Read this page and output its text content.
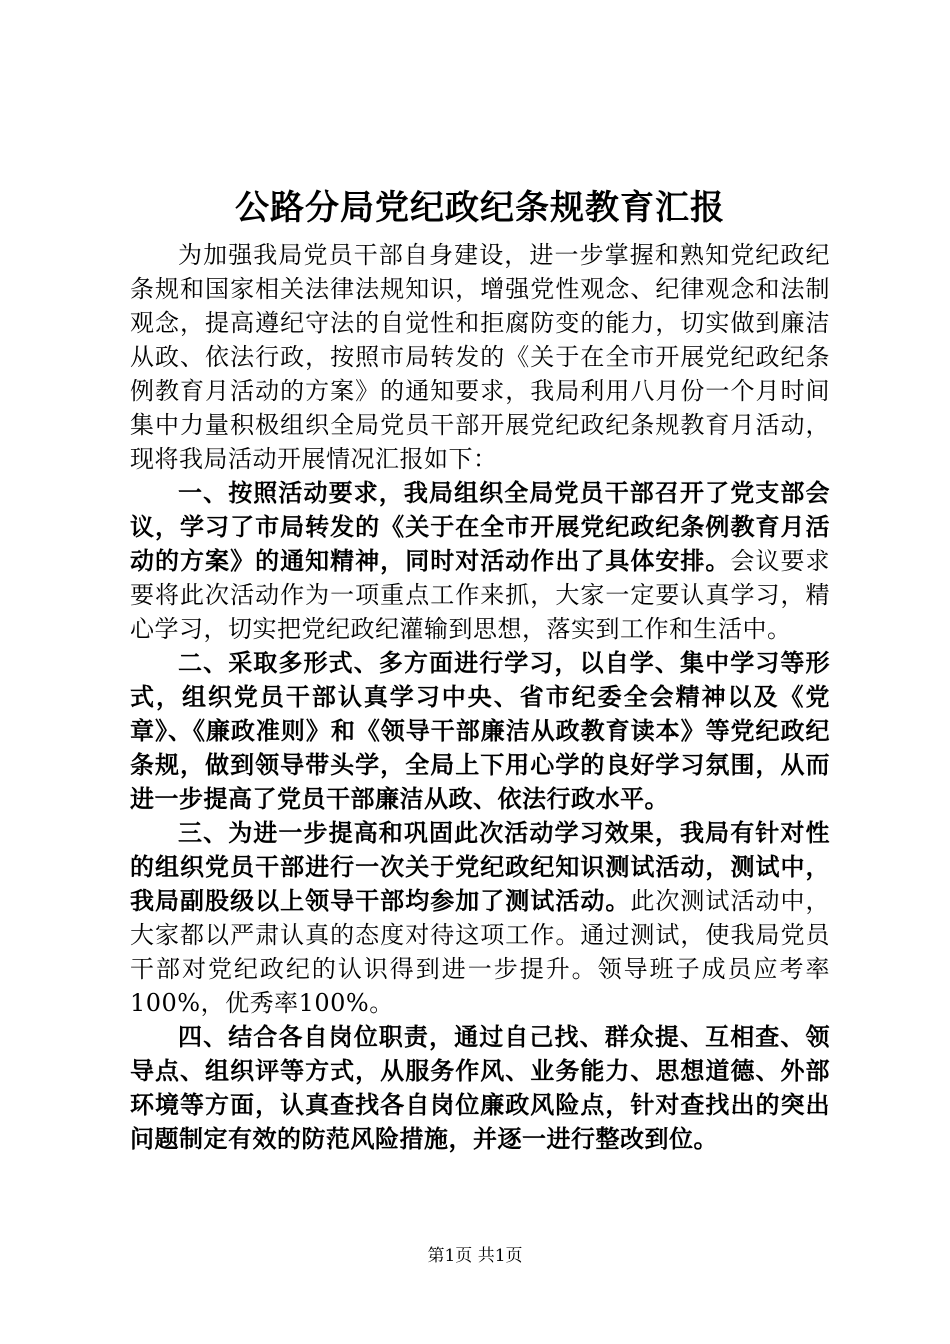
公路分局党纪政纪条规教育汇报

为加强我局党员干部自身建设，进一步掌握和熟知党纪政纪条规和国家相关法律法规知识，增强党性观念、纪律观念和法制观念，提高遵纪守法的自觉性和拒腐防变的能力，切实做到廉洁从政、依法行政，按照市局转发的《关于在全市开展党纪政纪条例教育月活动的方案》的通知要求，我局利用八月份一个月时间集中力量积极组织全局党员干部开展党纪政纪条规教育月活动，现将我局活动开展情况汇报如下：

一、按照活动要求，我局组织全局党员干部召开了党支部会议，学习了市局转发的《关于在全市开展党纪政纪条例教育月活动的方案》的通知精神，同时对活动作出了具体安排。会议要求要将此次活动作为一项重点工作来抓，大家一定要认真学习，精心学习，切实把党纪政纪灌输到思想，落实到工作和生活中。

二、采取多形式、多方面进行学习，以自学、集中学习等形式，组织党员干部认真学习中央、省市纪委全会精神以及《党章》、《廉政准则》和《领导干部廉洁从政教育读本》等党纪政纪条规，做到领导带头学，全局上下用心学的良好学习氛围，从而进一步提高了党员干部廉洁从政、依法行政水平。

三、为进一步提高和巩固此次活动学习效果，我局有针对性的组织党员干部进行一次关于党纪政纪知识测试活动，测试中，我局副股级以上领导干部均参加了测试活动。此次测试活动中，大家都以严肃认真的态度对待这项工作。通过测试，使我局党员干部对党纪政纪的认识得到进一步提升。领导班子成员应考率100%，优秀率100%。

四、结合各自岗位职责，通过自己找、群众提、互相查、领导点、组织评等方式，从服务作风、业务能力、思想道德、外部环境等方面，认真查找各自岗位廉政风险点，针对查找出的突出问题制定有效的防范风险措施，并逐一进行整改到位。

第1页 共1页
